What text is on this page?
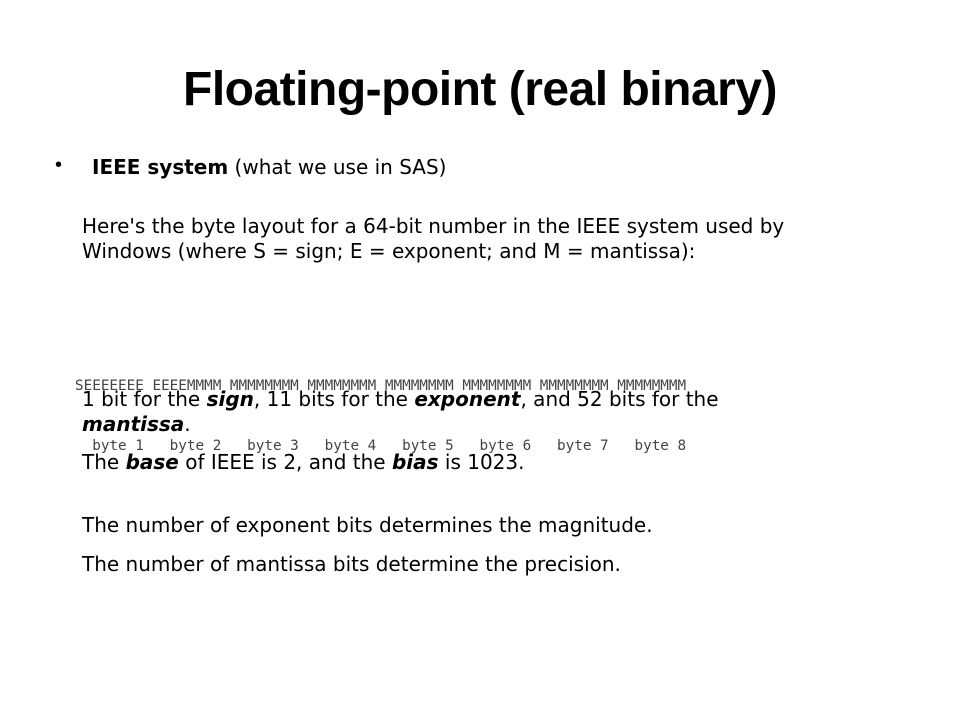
Floating-point (real binary)
• IEEE system (what we use in SAS)
Here's the byte layout for a 64-bit number in the IEEE system used by
Windows (where S = sign; E = exponent; and M = mantissa):
1 bit for the sign, 11 bits for the exponent, and 52 bits for the
mantissa.

SEEEEEEE EEEEMMMM MMMMMMMM MMMMMMMM MMMMMMMM MMMMMMMM MMMMMMMM MMMMMMMM

byte 1   byte 2   byte 3   byte 4   byte 5   byte 6   byte 7   byte 8

The base of IEEE is 2, and the bias is 1023.
The number of exponent bits determines the magnitude.
The number of mantissa bits determine the precision.
